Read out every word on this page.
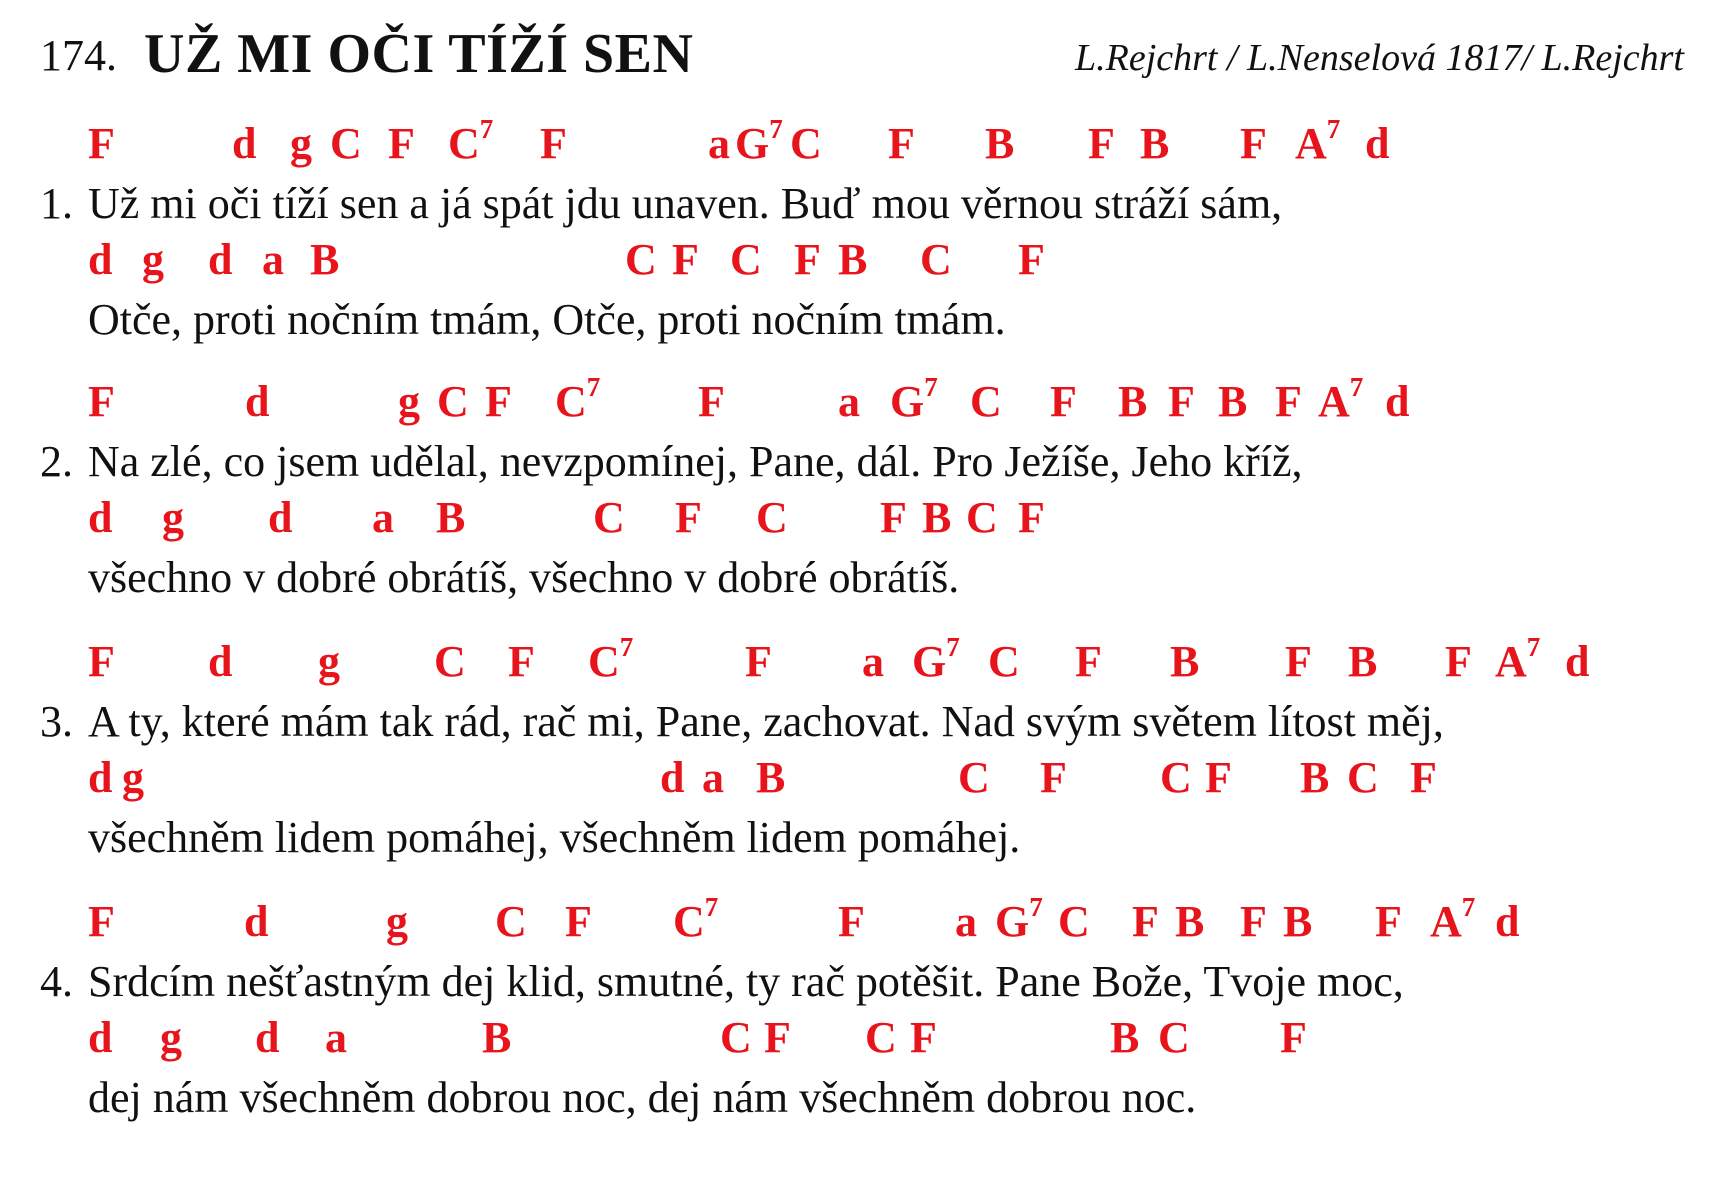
174. UŽ MI OČI TÍŽÍ SEN	L.Rejchrt / L.Nenselová 1817/ L.Rejchrt
F	d g C F $C^7$ F	a $G^7$ C F B F B F $A^7$ d
1. Už mi oči tíží sen a já spát jdu unaven. Buď mou věrnou stráží sám,
d g d a B	C F C F B C F
Otče, proti nočním tmám, Otče, proti nočním tmám.
F	d	g C F $C^7$ F	a $G^7$ C F B F B F $A^7$ d
2. Na zlé, co jsem udělal, nevzpomínej, Pane, dál. Pro Ježíše, Jeho kříž,
d g d a B	C F C F B C F
všechno v dobré obrátíš, všechno v dobré obrátíš.
F d g C F $C^7$	F a $G^7$ C F B F B F $A^7$ d
3. A ty, které mám tak rád, rač mi, Pane, zachovat. Nad svým světem lítost měj,
d g	d a B	C F C F B C F
všechněm lidem pomáhej, všechněm lidem pomáhej.
F	d	g C F $C^7$	F a $G^7$ C F B F B F $A^7$ d
4. Srdcím nešťastným dej klid, smutné, ty rač potěšit. Pane Bože, Tvoje moc,
d g d a	B	C F C F	B C F
dej nám všechněm dobrou noc, dej nám všechněm dobrou noc.
